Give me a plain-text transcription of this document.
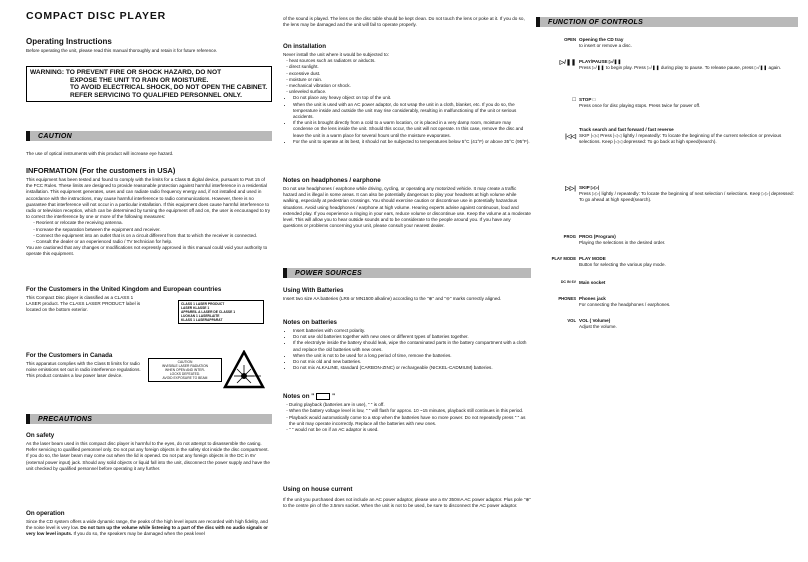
COMPACT DISC PLAYER

Operating Instructions

Before operating the unit, please read this manual thoroughly and retain it for future reference.

WARNING: TO PREVENT FIRE OR SHOCK HAZARD, DO NOT

EXPOSE THE UNIT TO RAIN OR MOISTURE.

TO AVOID ELECTRICAL SHOCK, DO NOT OPEN THE CABINET.

REFER SERVICING TO QUALIFIED PERSONNEL ONLY.

CAUTION

The use of optical instruments with this product will increase eye hazard.

INFORMATION (For the customers in USA)

This equipment has been tested and found to comply with the limits for a Class B digital device, pursuant to Part 15 of the FCC Rules. These limits are designed to provide reasonable protection against harmful interference in a residential installation. This equipment generates, uses and can radiate radio frequency energy and, if not installed and used in accordance with the instructions, may cause harmful interference to radio communications. However, there is no guarantee that interference will not occur in a particular installation. If this equipment does cause harmful interference to radio or television reception, which can be determined by turning the equipment off and on, the user is encouraged to try to correct the interference by one or more of the following measures:

- Reorient or relocate the receiving antenna.
- Increase the separation between the equipment and receiver.
- Connect the equipment into an outlet that is on a circuit different from that to which the receiver is connected.
- Consult the dealer or an experienced radio / TV technician for help.

You are cautioned that any changes or modifications not expressly approved in this manual could void your authority to operate this equipment.

For the Customers in the United Kingdom and European countries

This Compact Disc player is classified as a CLASS 1 LASER product. The CLASS LASER PRODUCT label is located on the bottom exterior.

CLASS 1 LASER PRODUCT
LASER KLASSE 1
APPAREIL A LASER DE CLASSE 1
LUOKAN 1 LASERLAITE
KLASS 1 LASERAPPARAT

For the Customers in Canada

This apparatus complies with the Class B limits for radio noise emissions set out in radio interference regulations. This product contains a low power laser device.

CAUTION
INVISIBLE LASER RADIATION
WHEN OPEN AND INTER-
LOCKS DEFEATED.
AVOID EXPOSURE TO BEAM
PRECAUTIONS

On safety

As the laser beam used in this compact disc player is harmful to the eyes, do not attempt to disassemble the casing. Refer servicing to qualified personnel only. Do not put any foreign objects in the safety slot inside the disc compartment. If you do so, the laser beam may come out when the lid is opened. Do not put any foreign objects in the DC in 6V (external power input) jack. Should any solid objects or liquid fall into the unit, disconnect the power supply and have the unit checked by qualified personnel before operating it any further.

On operation

Since the CD system offers a wide dynamic range, the peaks of the high level inputs are recorded with high fidelity, and the noise level is very low. Do not turn up the volume while listening to a part of the disc with no audio signals or very low level inputs. If you do so, the speakers may be damaged when the peak level

of the sound is played. The lens on the disc table should be kept clean. Do not touch the lens or poke at it. If you do so, the lens may be damaged and the unit will fail to operate properly.

On installation

Never install the unit where it would be subjected to:

- heat sources such as radiators or airducts.
- direct sunlight.
- excessive dust.
- moisture or rain.
- mechanical vibration or shock.
- unleveled surface.
• Do not place any heavy object on top of the unit.
• When the unit is used with an AC power adaptor, do not wrap the unit in a cloth, blanket, etc. If you do so, the temperature inside and outside the unit may rise considerably, resulting in malfunctioning of the unit or serious accidents.
• If the unit is brought directly from a cold to a warm location, or is placed in a very damp room, moisture may condense on the lens inside the unit. Should this occur, the unit will not operate. In this case, remove the disc and leave the unit in a warm place for several hours until the moisture evaporates.
• For the unit to operate at its best, it should not be subjected to temperatures below 5°C (41°F) or above 35°C (95°F).

Notes on headphones / earphone

Do not use headphones / earphone while driving, cycling, or operating any motorized vehicle. It may create a traffic hazard and is illegal in some areas. It can also be potentially dangerous to play your headsets at high volume while walking, especially at pedestrian crossings. You should exercise caution or discontinue use in potentially hazardous situations. Avoid using headphones / earphone at high volume. Hearing experts advise against continuous, loud and extended play. If you experience a ringing in your ears, reduce volume or discontinue use. Keep the volume at a moderate level. This will allow you to hear outside sounds and to be considerate to the people around you. If you have any questions or problems concerning your unit, please consult your nearest dealer.

POWER SOURCES

Using With Batteries

Insert two size AA batteries (LR6 or MN1500 alkaline) according to the "⊕" and "⊖" marks correctly aligned.

Notes on batteries

• Insert batteries with correct polarity.
• Do not use old batteries together with new ones or different types of batteries together.
• If the electrolyte inside the battery should leak, wipe the contaminated parts in the battery compartment with a cloth and replace the old batteries with new ones.
• When the unit is not to be used for a long period of time, remove the batteries.
• Do not mix old and new batteries.
• Do not mix ALKALINE, standard (CARBON-ZINC) or rechargeable (NICKEL-CADMIUM) batteries.

Notes on "	"

- During playback (batteries are in use), " " is off.
- When the battery voltage level is low, " " will flash for approx. 10 ~15 minutes, playback still continues in this period.
- Playback would automatically come to a stop when the batteries have no more power. Do not repeatedly press " " as the unit may operate incorrectly. Replace all the batteries with new ones.
- " " would not be on if an AC adaptor is used.

Using on house current

If the unit you purchased does not include an AC power adaptor, please use a 6V 350mA AC power adaptor. Plus pole "⊕" to the centre pin of the 3.5mm socket. When the unit is not to be used, be sure to disconnect the AC power adaptor.

FUNCTION OF CONTROLS
OPEN Opening the CD tray

to insert or remove a disc.

▷/❚❚ PLAY/PAUSE ▷/❚❚

Press ▷/❚❚ to begin play. Press ▷/❚❚ during play to pause. To release pause, press ▷/❚❚ again.

□ STOP □

Press once for disc playing stops. Press twice for power off.

|◁◁

Track search and fast forward / fast reverse

SKIP |◁◁ Press |◁◁ lightly / repeatedly: To locate the beginning of the current selection or previous selections. Keep |◁◁ depressed: To go back at high speed(search).

▷▷| SKIP ▷▷|

Press ▷▷| lightly / repeatedly: To locate the beginning of next selection / selections. Keep ▷▷| depressed: To go ahead at high speed(search).

PROG PROG (Program)

Playing the selections in the desired order.

PLAY MODE PLAY MODE

Button for selecting the various play mode.

DC IN 6V Main socket

PHONES Phones jack

For connecting the headphones / earphones.

VOL VOL ( Volume)

Adjust the volume.
